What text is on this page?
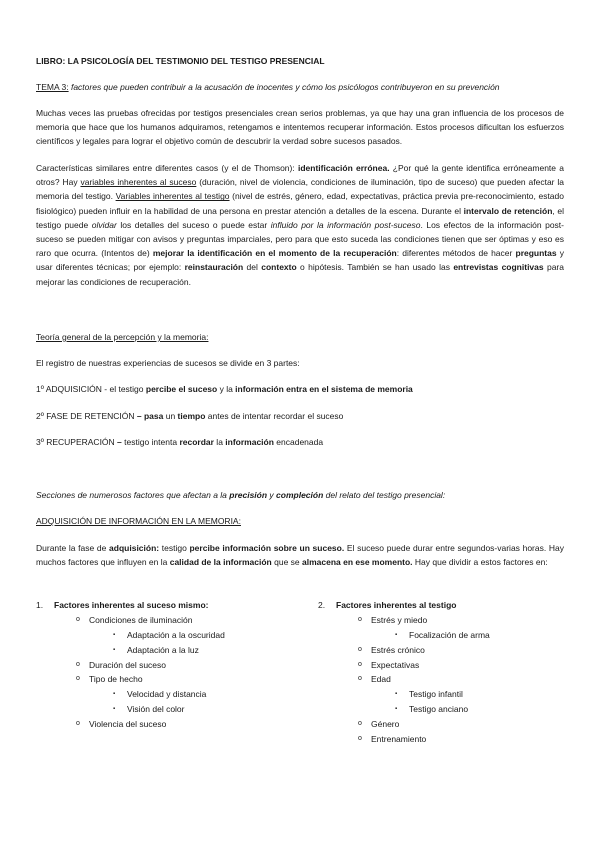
LIBRO: LA PSICOLOGÍA DEL TESTIMONIO DEL TESTIGO PRESENCIAL
TEMA 3: factores que pueden contribuir a la acusación de inocentes y cómo los psicólogos contribuyeron en su prevención
Muchas veces las pruebas ofrecidas por testigos presenciales crean serios problemas, ya que hay una gran influencia de los procesos de memoria que hace que los humanos adquiramos, retengamos e intentemos recuperar información. Estos procesos dificultan los esfuerzos científicos y legales para lograr el objetivo común de descubrir la verdad sobre sucesos pasados.
Características similares entre diferentes casos (y el de Thomson): identificación errónea. ¿Por qué la gente identifica erróneamente a otros? Hay variables inherentes al suceso (duración, nivel de violencia, condiciones de iluminación, tipo de suceso) que pueden afectar la memoria del testigo. Variables inherentes al testigo (nivel de estrés, género, edad, expectativas, práctica previa pre-reconocimiento, estado fisiológico) pueden influir en la habilidad de una persona en prestar atención a detalles de la escena. Durante el intervalo de retención, el testigo puede olvidar los detalles del suceso o puede estar influido por la información post-suceso. Los efectos de la información post-suceso se pueden mitigar con avisos y preguntas imparciales, pero para que esto suceda las condiciones tienen que ser óptimas y eso es raro que ocurra. (Intentos de) mejorar la identificación en el momento de la recuperación: diferentes métodos de hacer preguntas y usar diferentes técnicas; por ejemplo: reinstauración del contexto o hipótesis. También se han usado las entrevistas cognitivas para mejorar las condiciones de recuperación.
Teoría general de la percepción y la memoria:
El registro de nuestras experiencias de sucesos se divide en 3 partes:
1º ADQUISICIÓN - el testigo percibe el suceso y la información entra en el sistema de memoria
2º FASE DE RETENCIÓN – pasa un tiempo antes de intentar recordar el suceso
3º RECUPERACIÓN – testigo intenta recordar la información encadenada
Secciones de numerosos factores que afectan a la precisión y compleción del relato del testigo presencial:
ADQUISICIÓN DE INFORMACIÓN EN LA MEMORIA:
Durante la fase de adquisición: testigo percibe información sobre un suceso. El suceso puede durar entre segundos-varias horas. Hay muchos factores que influyen en la calidad de la información que se almacena en ese momento. Hay que dividir a estos factores en:
1. Factores inherentes al suceso mismo:
o Condiciones de iluminación
▪ Adaptación a la oscuridad
▪ Adaptación a la luz
o Duración del suceso
o Tipo de hecho
▪ Velocidad y distancia
▪ Visión del color
o Violencia del suceso
2. Factores inherentes al testigo
o Estrés y miedo
▪ Focalización de arma
o Estrés crónico
o Expectativas
o Edad
▪ Testigo infantil
▪ Testigo anciano
o Género
o Entrenamiento
